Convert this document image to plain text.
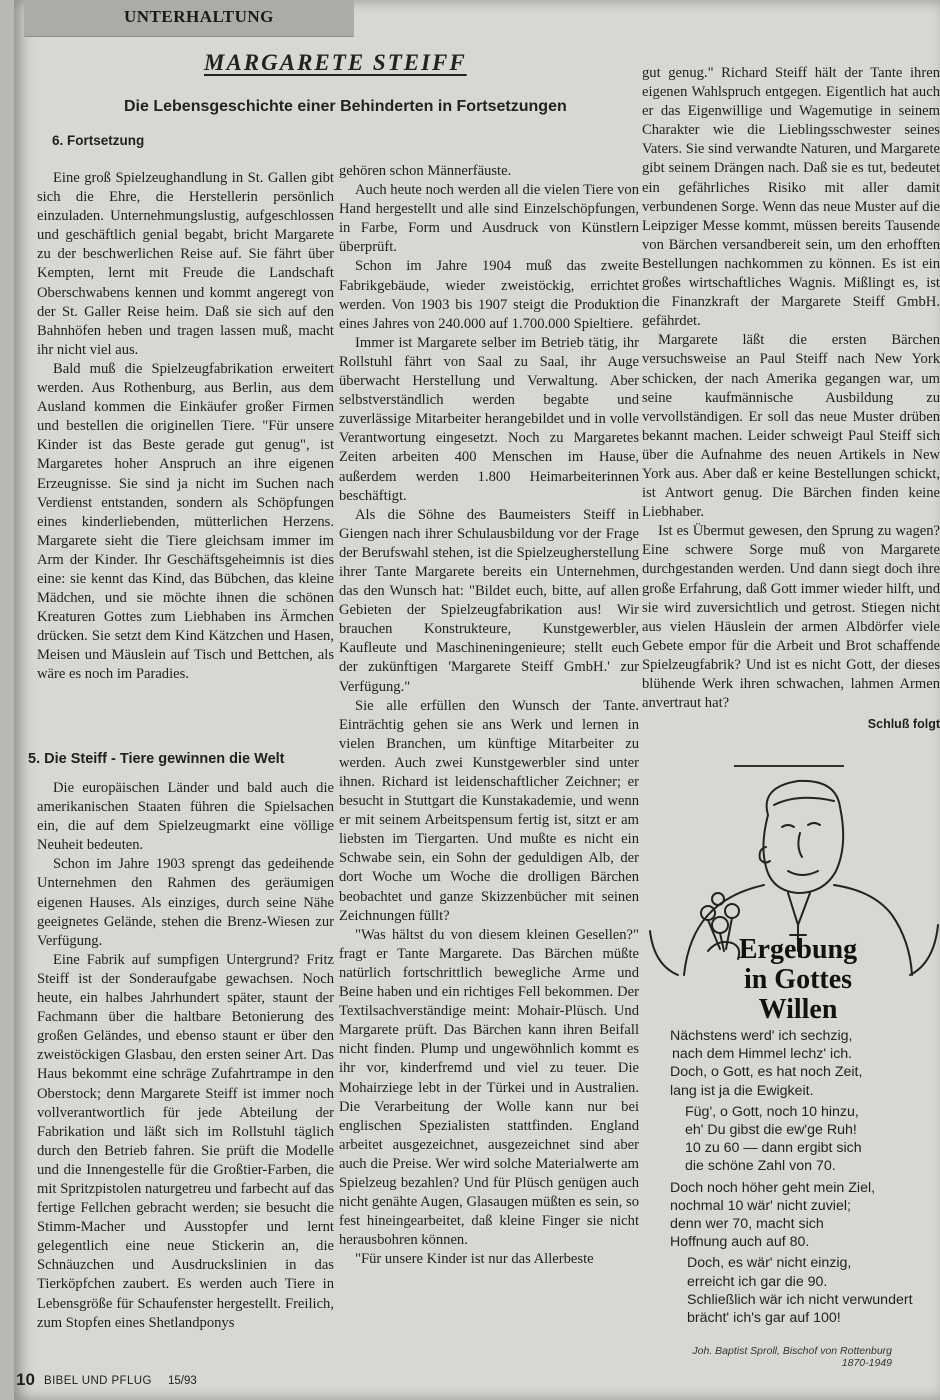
UNTERHALTUNG
MARGARETE STEIFF
Die Lebensgeschichte einer Behinderten in Fortsetzungen
6. Fortsetzung

Eine groß Spielzeughandlung in St. Gallen gibt sich die Ehre, die Herstellerin persönlich einzuladen. Unternehmungslustig, aufgeschlossen und geschäftlich genial begabt, bricht Margarete zu der beschwerlichen Reise auf. Sie fährt über Kempten, lernt mit Freude die Landschaft Oberschwabens kennen und kommt angeregt von der St. Galler Reise heim. Daß sie sich auf den Bahnhöfen heben und tragen lassen muß, macht ihr nicht viel aus.

Bald muß die Spielzeugfabrikation erweitert werden. Aus Rothenburg, aus Berlin, aus dem Ausland kommen die Einkäufer großer Firmen und bestellen die originellen Tiere. "Für unsere Kinder ist das Beste gerade gut genug", ist Margaretes hoher Anspruch an ihre eigenen Erzeugnisse. Sie sind ja nicht im Suchen nach Verdienst entstanden, sondern als Schöpfungen eines kinderliebenden, mütterlichen Herzens. Margarete sieht die Tiere gleichsam immer im Arm der Kinder. Ihr Geschäftsgeheimnis ist dies eine: sie kennt das Kind, das Bübchen, das kleine Mädchen, und sie möchte ihnen die schönen Kreaturen Gottes zum Liebhaben ins Ärmchen drücken. Sie setzt dem Kind Kätzchen und Hasen, Meisen und Mäuslein auf Tisch und Bettchen, als wäre es noch im Paradies.

5. Die Steiff - Tiere gewinnen die Welt

Die europäischen Länder und bald auch die amerikanischen Staaten führen die Spielsachen ein, die auf dem Spielzeugmarkt eine völlige Neuheit bedeuten.

Schon im Jahre 1903 sprengt das gedeihende Unternehmen den Rahmen des geräumigen eigenen Hauses. Als einziges, durch seine Nähe geeignetes Gelände, stehen die Brenz-Wiesen zur Verfügung.

Eine Fabrik auf sumpfigen Untergrund? Fritz Steiff ist der Sonderaufgabe gewachsen. Noch heute, ein halbes Jahrhundert später, staunt der Fachmann über die haltbare Betonierung des großen Geländes, und ebenso staunt er über den zweistöckigen Glasbau, den ersten seiner Art. Das Haus bekommt eine schräge Zufahrtrampe in den Oberstock; denn Margarete Steiff ist immer noch vollverantwortlich für jede Abteilung der Fabrikation und läßt sich im Rollstuhl täglich durch den Betrieb fahren. Sie prüft die Modelle und die Innengestelle für die Großtier-Farben, die mit Spritzpistolen naturgetreu und farbecht auf das fertige Fellchen gebracht werden; sie besucht die Stimm-Macher und Ausstopfer und lernt gelegentlich eine neue Stickerin an, die Schnäuzchen und Ausdruckslinien in das Tierköpfchen zaubert. Es werden auch Tiere in Lebensgröße für Schaufenster hergestellt. Freilich, zum Stopfen eines Shetlandponys

gehören schon Männerfäuste.

Auch heute noch werden all die vielen Tiere von Hand hergestellt und alle sind Einzelschöpfungen, in Farbe, Form und Ausdruck von Künstlern überprüft.

Schon im Jahre 1904 muß das zweite Fabrikgebäude, wieder zweistöckig, errichtet werden. Von 1903 bis 1907 steigt die Produktion eines Jahres von 240.000 auf 1.700.000 Spieltiere.

Immer ist Margarete selber im Betrieb tätig, ihr Rollstuhl fährt von Saal zu Saal, ihr Auge überwacht Herstellung und Verwaltung. Aber selbstverständlich werden begabte und zuverlässige Mitarbeiter herangebildet und in volle Verantwortung eingesetzt. Noch zu Margaretes Zeiten arbeiten 400 Menschen im Hause, außerdem werden 1.800 Heimarbeiterinnen beschäftigt.

Als die Söhne des Baumeisters Steiff in Giengen nach ihrer Schulausbildung vor der Frage der Berufswahl stehen, ist die Spielzeugherstellung ihrer Tante Margarete bereits ein Unternehmen, das den Wunsch hat: "Bildet euch, bitte, auf allen Gebieten der Spielzeugfabrikation aus! Wir brauchen Konstrukteure, Kunstgewerbler, Kaufleute und Maschineningenieure; stellt euch der zukünftigen 'Margarete Steiff GmbH.' zur Verfügung."

Sie alle erfüllen den Wunsch der Tante. Einträchtig gehen sie ans Werk und lernen in vielen Branchen, um künftige Mitarbeiter zu werden. Auch zwei Kunstgewerbler sind unter ihnen. Richard ist leidenschaftlicher Zeichner; er besucht in Stuttgart die Kunstakademie, und wenn er mit seinem Arbeitspensum fertig ist, sitzt er am liebsten im Tiergarten. Und mußte es nicht ein Schwabe sein, ein Sohn der geduldigen Alb, der dort Woche um Woche die drolligen Bärchen beobachtet und ganze Skizzenbücher mit seinen Zeichnungen füllt?

"Was hältst du von diesem kleinen Gesellen?" fragt er Tante Margarete. Das Bärchen müßte natürlich fortschrittlich bewegliche Arme und Beine haben und ein richtiges Fell bekommen. Der Textilsachverständige meint: Mohair-Plüsch. Und Margarete prüft. Das Bärchen kann ihren Beifall nicht finden. Plump und ungewöhnlich kommt es ihr vor, kinderfremd und viel zu teuer. Die Mohairziege lebt in der Türkei und in Australien. Die Verarbeitung der Wolle kann nur bei englischen Spezialisten stattfinden. England arbeitet ausgezeichnet, ausgezeichnet sind aber auch die Preise. Wer wird solche Materialwerte am Spielzeug bezahlen? Und für Plüsch genügen auch nicht genähte Augen, Glasaugen müßten es sein, so fest hineingearbeitet, daß kleine Finger sie nicht herausbohren können.

"Für unsere Kinder ist nur das Allerbeste

gut genug." Richard Steiff hält der Tante ihren eigenen Wahlspruch entgegen. Eigentlich hat auch er das Eigenwillige und Wagemutige in seinem Charakter wie die Lieblingsschwester seines Vaters. Sie sind verwandte Naturen, und Margarete gibt seinem Drängen nach. Daß sie es tut, bedeutet ein gefährliches Risiko mit aller damit verbundenen Sorge. Wenn das neue Muster auf die Leipziger Messe kommt, müssen bereits Tausende von Bärchen versandbereit sein, um den erhofften Bestellungen nachkommen zu können. Es ist ein großes wirtschaftliches Wagnis. Mißlingt es, ist die Finanzkraft der Margarete Steiff GmbH. gefährdet.

Margarete läßt die ersten Bärchen versuchsweise an Paul Steiff nach New York schicken, der nach Amerika gegangen war, um seine kaufmännische Ausbildung zu vervollständigen. Er soll das neue Muster drüben bekannt machen. Leider schweigt Paul Steiff sich über die Aufnahme des neuen Artikels in New York aus. Aber daß er keine Bestellungen schickt, ist Antwort genug. Die Bärchen finden keine Liebhaber.

Ist es Übermut gewesen, den Sprung zu wagen? Eine schwere Sorge muß von Margarete durchgestanden werden. Und dann siegt doch ihre große Erfahrung, daß Gott immer wieder hilft, und sie wird zuversichtlich und getrost. Stiegen nicht aus vielen Häuslein der armen Albdörfer viele Gebete empor für die Arbeit und Brot schaffende Spielzeugfabrik? Und ist es nicht Gott, der dieses blühende Werk ihren schwachen, lahmen Armen anvertraut hat?

Schluß folgt

Ergebung
in Gottes
Willen
Nächstens werd' ich sechzig,
nach dem Himmel lechz' ich.
Doch, o Gott, es hat noch Zeit,
lang ist ja die Ewigkeit.
Füg', o Gott, noch 10 hinzu,
eh' Du gibst die ew'ge Ruh!
10 zu 60 — dann ergibt sich
die schöne Zahl von 70.
Doch noch höher geht mein Ziel,
nochmal 10 wär' nicht zuviel;
denn wer 70, macht sich
Hoffnung auch auf 80.
Doch, es wär' nicht einzig,
erreicht ich gar die 90.
Schließlich wär ich nicht verwundert
brächt' ich's gar auf 100!
Joh. Baptist Sproll, Bischof von Rottenburg
1870-1949
10 BIBEL UND PFLUG 15/93
